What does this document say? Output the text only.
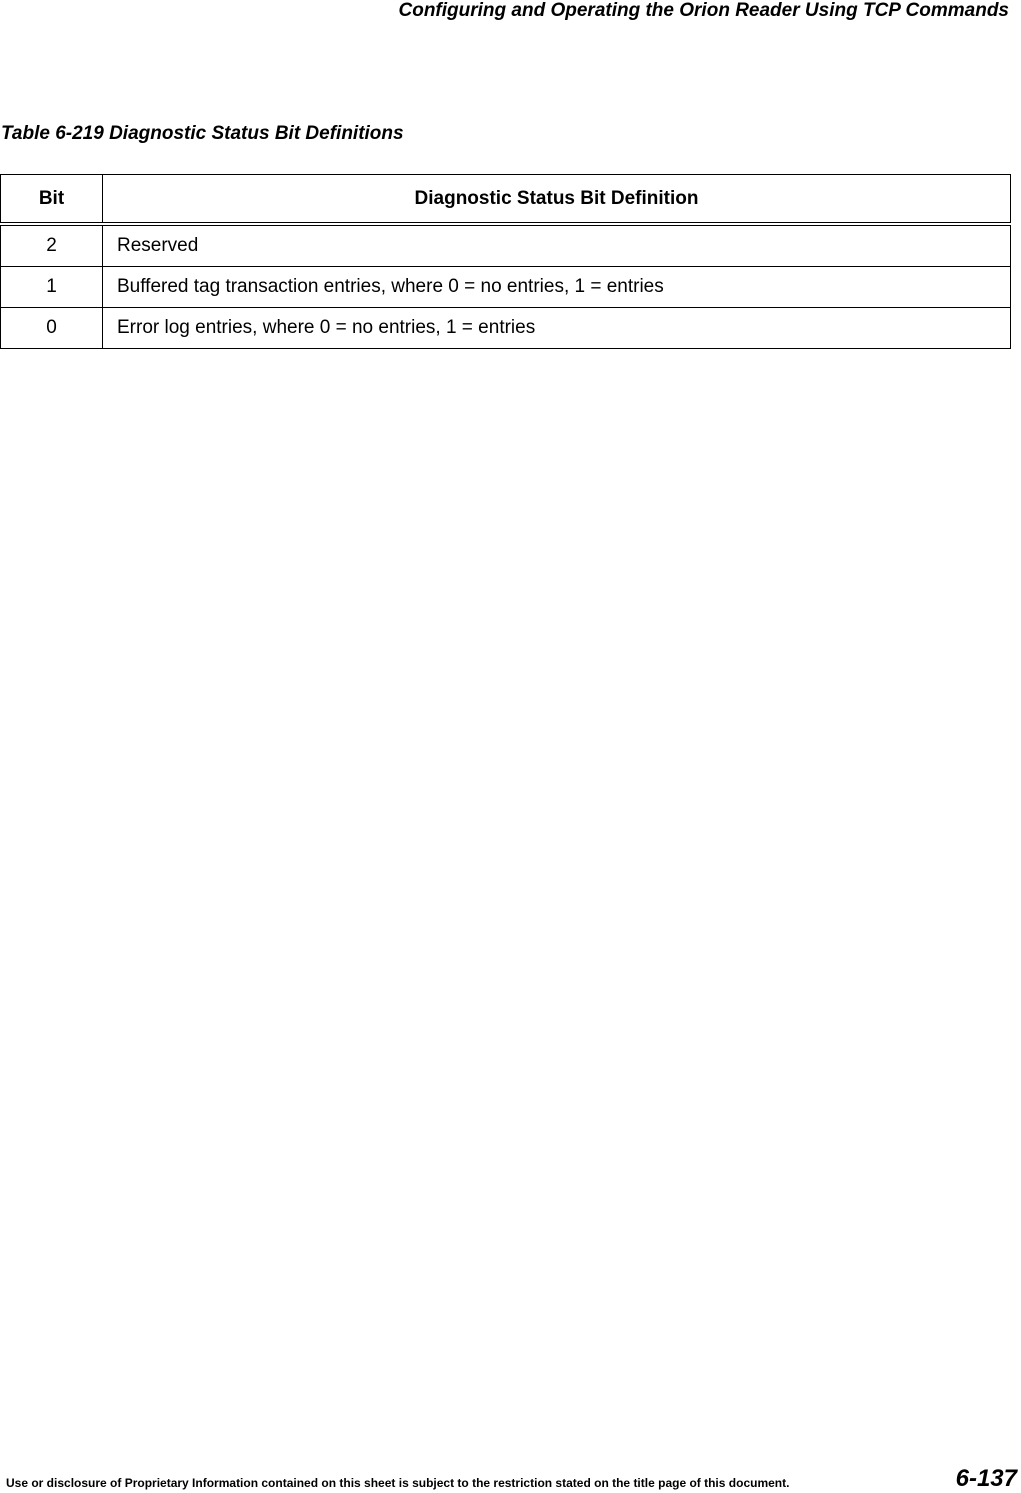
Configuring and Operating the Orion Reader Using TCP Commands
Table 6-219 Diagnostic Status Bit Definitions
Bit	Diagnostic Status Bit Definition
2	Reserved
1	Buffered tag transaction entries, where 0 = no entries, 1 = entries
0	Error log entries, where 0 = no entries, 1 = entries
Use or disclosure of Proprietary Information contained on this sheet is subject to the restriction stated on the title page of this document.	6-137
